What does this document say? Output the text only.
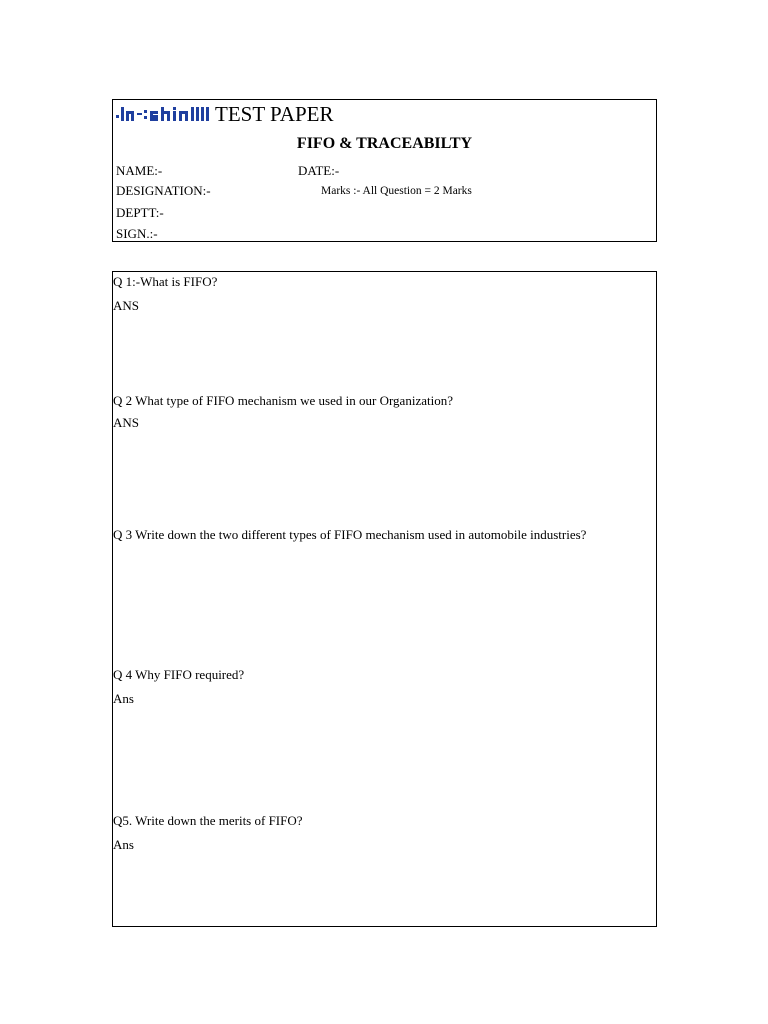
TEST PAPER
FIFO & TRACEABILTY
NAME:-	DATE:-
DESIGNATION:-	Marks :- All Question = 2 Marks
DEPTT:-
SIGN.:-
Q 1:-What is FIFO?
ANS
Q 2 What type of FIFO mechanism we used in our Organization?
ANS
Q 3 Write down the two different types of FIFO mechanism used in automobile industries?
Q 4 Why FIFO required?
Ans
Q5. Write down the merits of FIFO?
Ans
